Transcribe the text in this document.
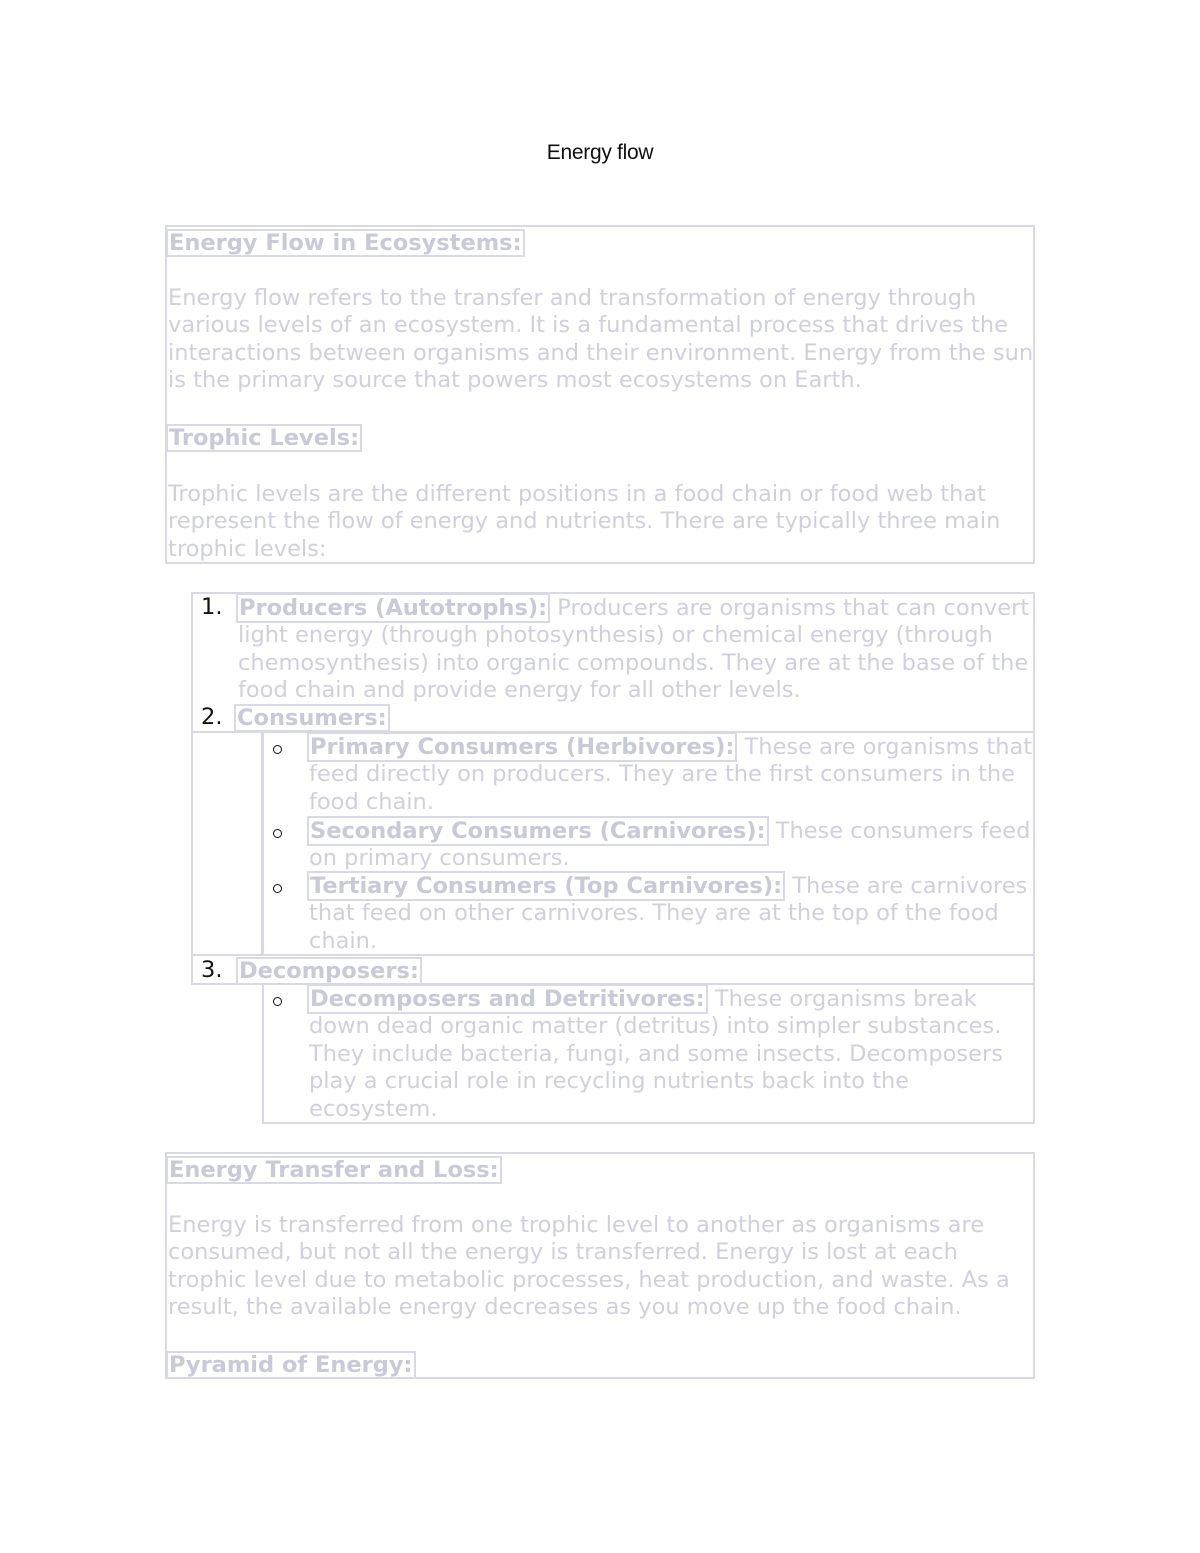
Energy flow
Energy Flow in Ecosystems:

Energy flow refers to the transfer and transformation of energy through various levels of an ecosystem. It is a fundamental process that drives the interactions between organisms and their environment. Energy from the sun is the primary source that powers most ecosystems on Earth.

Trophic Levels:

Trophic levels are the different positions in a food chain or food web that represent the flow of energy and nutrients. There are typically three main trophic levels:

1. Producers (Autotrophs): Producers are organisms that can convert light energy (through photosynthesis) or chemical energy (through chemosynthesis) into organic compounds. They are at the base of the food chain and provide energy for all other levels.

2. Consumers:

Primary Consumers (Herbivores): These are organisms that feed directly on producers. They are the first consumers in the food chain.

Secondary Consumers (Carnivores): These consumers feed on primary consumers.

Tertiary Consumers (Top Carnivores): These are carnivores that feed on other carnivores. They are at the top of the food chain.

3. Decomposers:

Decomposers and Detritivores: These organisms break down dead organic matter (detritus) into simpler substances. They include bacteria, fungi, and some insects. Decomposers play a crucial role in recycling nutrients back into the ecosystem.

Energy Transfer and Loss:

Energy is transferred from one trophic level to another as organisms are consumed, but not all the energy is transferred. Energy is lost at each trophic level due to metabolic processes, heat production, and waste. As a result, the available energy decreases as you move up the food chain.

Pyramid of Energy:
